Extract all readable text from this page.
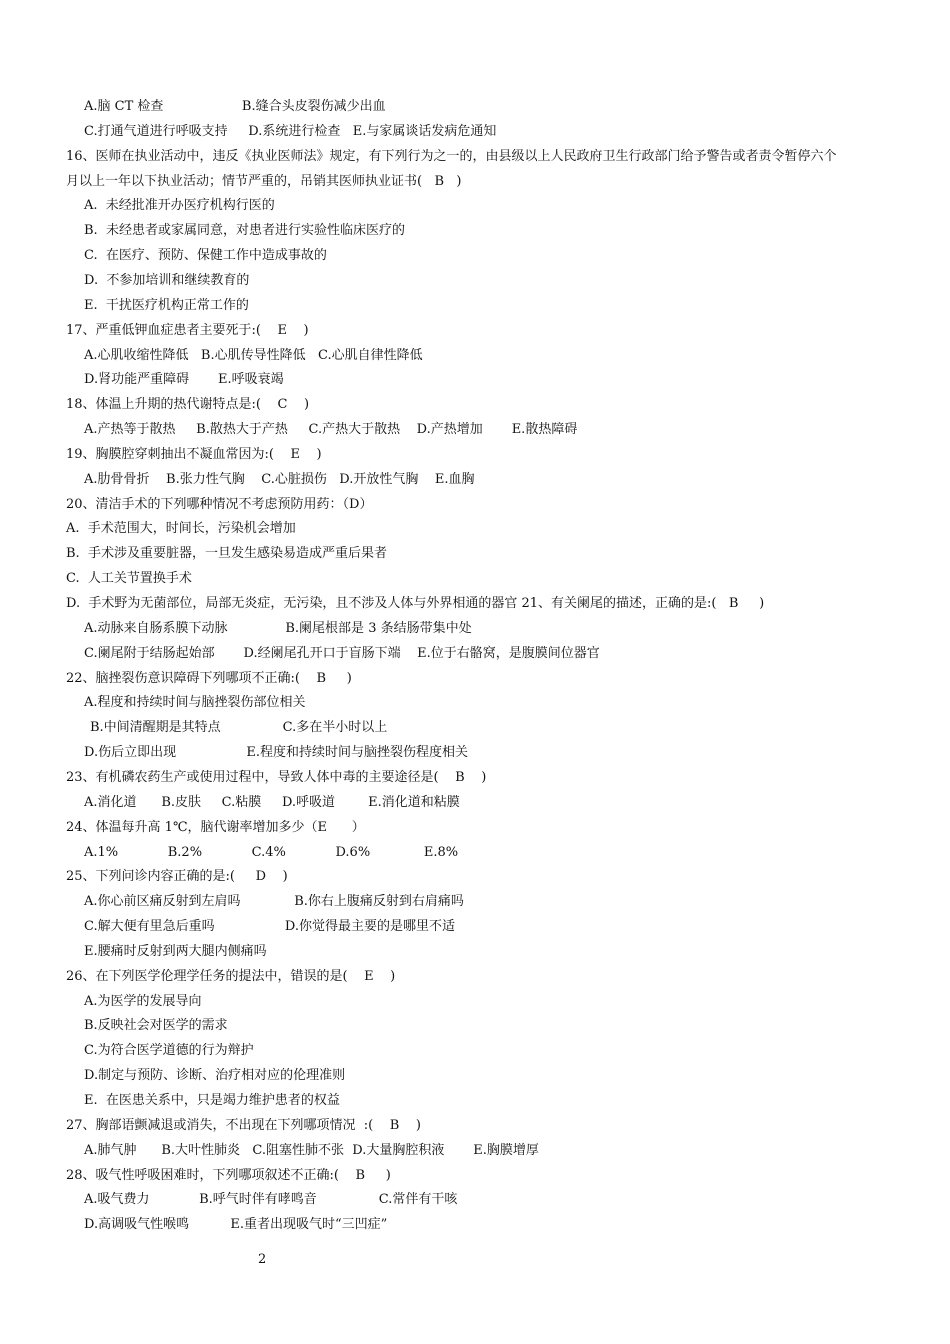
A.脑 CT 检查                   B.缝合头皮裂伤减少出血
C.打通气道进行呼吸支持     D.系统进行检查   E.与家属谈话发病危通知
16、医师在执业活动中，违反《执业医师法》规定，有下列行为之一的，由县级以上人民政府卫生行政部门给予警告或者责令暂停六个
月以上一年以下执业活动；情节严重的，吊销其医师执业证书(   B   )
A.  未经批准开办医疗机构行医的
B.  未经患者或家属同意，对患者进行实验性临床医疗的
C.  在医疗、预防、保健工作中造成事故的
D.  不参加培训和继续教育的
E.  干扰医疗机构正常工作的
17、严重低钾血症患者主要死于:(    E    )
A.心肌收缩性降低   B.心肌传导性降低   C.心肌自律性降低
D.肾功能严重障碍       E.呼吸衰竭
18、体温上升期的热代谢特点是:(    C    )
A.产热等于散热     B.散热大于产热     C.产热大于散热    D.产热增加       E.散热障碍
19、胸膜腔穿刺抽出不凝血常因为:(    E    )
A.肋骨骨折    B.张力性气胸    C.心脏损伤   D.开放性气胸    E.血胸
20、清洁手术的下列哪种情况不考虑预防用药：（D）
A.  手术范围大，时间长，污染机会增加
B.  手术涉及重要脏器，一旦发生感染易造成严重后果者
C.  人工关节置换手术
D.  手术野为无菌部位，局部无炎症，无污染，且不涉及人体与外界相通的器官 21、有关阑尾的描述，正确的是:(   B     )
A.动脉来自肠系膜下动脉              B.阑尾根部是 3 条结肠带集中处
C.阑尾附于结肠起始部       D.经阑尾孔开口于盲肠下端    E.位于右骼窝，是腹膜间位器官
22、脑挫裂伤意识障碍下列哪项不正确:(    B     )
A.程度和持续时间与脑挫裂伤部位相关
B.中间清醒期是其特点               C.多在半小时以上
D.伤后立即出现                 E.程度和持续时间与脑挫裂伤程度相关
23、有机磷农药生产或使用过程中，导致人体中毒的主要途径是(    B    )
A.消化道      B.皮肤     C.粘膜     D.呼吸道        E.消化道和粘膜
24、体温每升高 1℃，脑代谢率增加多少（E      ）
A.1%            B.2%            C.4%            D.6%             E.8%
25、下列问诊内容正确的是:(     D    )
A.你心前区痛反射到左肩吗             B.你右上腹痛反射到右肩痛吗
C.解大便有里急后重吗                 D.你觉得最主要的是哪里不适
E.腰痛时反射到两大腿内侧痛吗
26、在下列医学伦理学任务的提法中，错误的是(    E    )
A.为医学的发展导向
B.反映社会对医学的需求
C.为符合医学道德的行为辩护
D.制定与预防、诊断、治疗相对应的伦理准则
E.  在医患关系中，只是竭力维护患者的权益
27、胸部语颤减退或消失，不出现在下列哪项情况  :(    B    )
A.肺气肿      B.大叶性肺炎   C.阻塞性肺不张  D.大量胸腔积液       E.胸膜增厚
28、吸气性呼吸困难时，下列哪项叙述不正确:(    B     )
A.吸气费力            B.呼气时伴有哮鸣音               C.常伴有干咳
D.高调吸气性喉鸣          E.重者出现吸气时“三凹症”
2
